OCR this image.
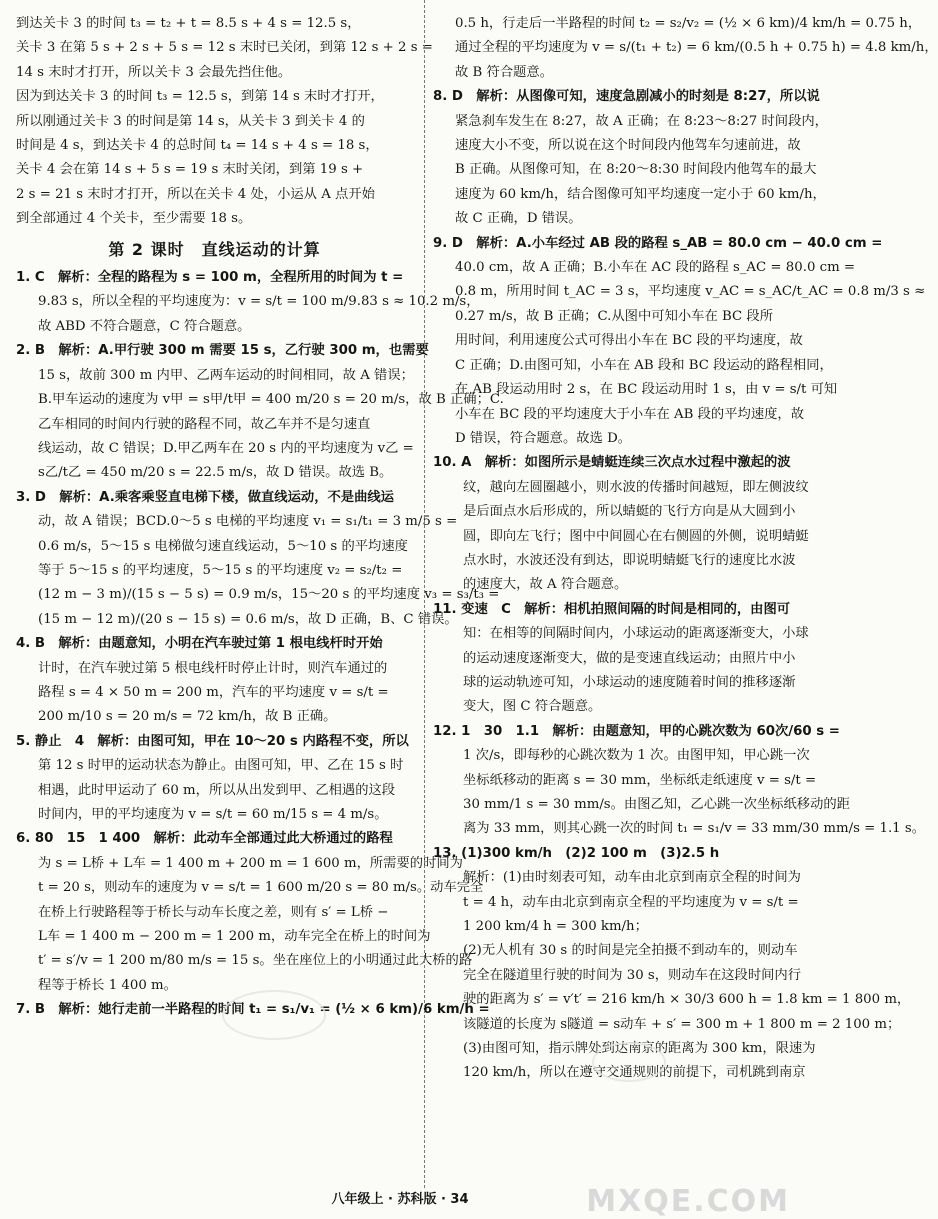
到达关卡 3 的时间 t₃ = t₂ + t = 8.5 s + 4 s = 12.5 s，
关卡 3 在第 5 s + 2 s + 5 s = 12 s 末时已关闭，到第 12 s + 2 s =
14 s 末时才打开，所以关卡 3 会最先挡住他。
因为到达关卡 3 的时间 t₃ = 12.5 s，到第 14 s 末时才打开，
所以刚通过关卡 3 的时间是第 14 s，从关卡 3 到关卡 4 的
时间是 4 s，到达关卡 4 的总时间 t₄ = 14 s + 4 s = 18 s，
关卡 4 会在第 14 s + 5 s = 19 s 末时关闭，到第 19 s +
2 s = 21 s 末时才打开，所以在关卡 4 处，小运从 A 点开始
到全部通过 4 个关卡，至少需要 18 s。
第 2 课时　直线运动的计算
1. C　解析：全程的路程为 s = 100 m，全程所用的时间为 t =
9.83 s，所以全程的平均速度为：v = s/t = 100 m/9.83 s ≈ 10.2 m/s，
故 ABD 不符合题意，C 符合题意。
2. B　解析：A.甲行驶 300 m 需要 15 s，乙行驶 300 m，也需要
15 s，故前 300 m 内甲、乙两车运动的时间相同，故 A 错误；
B.甲车运动的速度为 v甲 = s甲/t甲 = 400 m/20 s = 20 m/s，故 B 正确；C.
乙车相同的时间内行驶的路程不同，故乙车并不是匀速直
线运动，故 C 错误；D.甲乙两车在 20 s 内的平均速度为 v乙 =
s乙/t乙 = 450 m/20 s = 22.5 m/s，故 D 错误。故选 B。
3. D　解析：A.乘客乘竖直电梯下楼，做直线运动，不是曲线运
动，故 A 错误；BCD.0～5 s 电梯的平均速度 v₁ = s₁/t₁ = 3 m/5 s =
0.6 m/s，5～15 s 电梯做匀速直线运动，5～10 s 的平均速度
等于 5～15 s 的平均速度，5～15 s 的平均速度 v₂ = s₂/t₂ =
(12 m − 3 m)/(15 s − 5 s) = 0.9 m/s，15～20 s 的平均速度 v₃ = s₃/t₃ =
(15 m − 12 m)/(20 s − 15 s) = 0.6 m/s，故 D 正确，B、C 错误。
4. B　解析：由题意知，小明在汽车驶过第 1 根电线杆时开始
计时，在汽车驶过第 5 根电线杆时停止计时，则汽车通过的
路程 s = 4 × 50 m = 200 m，汽车的平均速度 v = s/t =
200 m/10 s = 20 m/s = 72 km/h，故 B 正确。
5. 静止　4　解析：由图可知，甲在 10～20 s 内路程不变，所以
第 12 s 时甲的运动状态为静止。由图可知，甲、乙在 15 s 时
相遇，此时甲运动了 60 m，所以从出发到甲、乙相遇的这段
时间内，甲的平均速度为 v = s/t = 60 m/15 s = 4 m/s。
6. 80　15　1 400　解析：此动车全部通过此大桥通过的路程
为 s = L桥 + L车 = 1 400 m + 200 m = 1 600 m，所需要的时间为
t = 20 s，则动车的速度为 v = s/t = 1 600 m/20 s = 80 m/s。动车完全
在桥上行驶路程等于桥长与动车长度之差，则有 s′ = L桥 −
L车 = 1 400 m − 200 m = 1 200 m，动车完全在桥上的时间为
t′ = s′/v = 1 200 m/80 m/s = 15 s。坐在座位上的小明通过此大桥的路
程等于桥长 1 400 m。
7. B　解析：她行走前一半路程的时间 t₁ = s₁/v₁ = (½ × 6 km)/6 km/h =
0.5 h，行走后一半路程的时间 t₂ = s₂/v₂ = (½ × 6 km)/4 km/h = 0.75 h，
通过全程的平均速度为 v = s/(t₁ + t₂) = 6 km/(0.5 h + 0.75 h) = 4.8 km/h，
故 B 符合题意。
8. D　解析：从图像可知，速度急剧减小的时刻是 8:27，所以说
紧急刹车发生在 8:27，故 A 正确；在 8:23～8:27 时间段内，
速度大小不变，所以说在这个时间段内他驾车匀速前进，故
B 正确。从图像可知，在 8:20～8:30 时间段内他驾车的最大
速度为 60 km/h，结合图像可知平均速度一定小于 60 km/h，
故 C 正确，D 错误。
9. D　解析：A.小车经过 AB 段的路程 s_AB = 80.0 cm − 40.0 cm =
40.0 cm，故 A 正确；B.小车在 AC 段的路程 s_AC = 80.0 cm =
0.8 m，所用时间 t_AC = 3 s，平均速度 v_AC = s_AC/t_AC = 0.8 m/3 s ≈
0.27 m/s，故 B 正确；C.从图中可知小车在 BC 段所
用时间，利用速度公式可得出小车在 BC 段的平均速度，故
C 正确；D.由图可知，小车在 AB 段和 BC 段运动的路程相同，
在 AB 段运动用时 2 s，在 BC 段运动用时 1 s，由 v = s/t 可知
小车在 BC 段的平均速度大于小车在 AB 段的平均速度，故
D 错误，符合题意。故选 D。
10. A　解析：如图所示是蜻蜓连续三次点水过程中激起的波
纹，越向左圆圈越小，则水波的传播时间越短，即左侧波纹
是后面点水后形成的，所以蜻蜓的飞行方向是从大圆到小
圆，即向左飞行；图中中间圆心在右侧圆的外侧，说明蜻蜓
点水时，水波还没有到达，即说明蜻蜓飞行的速度比水波
的速度大，故 A 符合题意。
11. 变速　C　解析：相机拍照间隔的时间是相同的，由图可
知：在相等的间隔时间内，小球运动的距离逐渐变大，小球
的运动速度逐渐变大，做的是变速直线运动；由照片中小
球的运动轨迹可知，小球运动的速度随着时间的推移逐渐
变大，图 C 符合题意。
12. 1　30　1.1　解析：由题意知，甲的心跳次数为 60次/60 s =
1 次/s，即每秒的心跳次数为 1 次。由图甲知，甲心跳一次
坐标纸移动的距离 s = 30 mm，坐标纸走纸速度 v = s/t =
30 mm/1 s = 30 mm/s。由图乙知，乙心跳一次坐标纸移动的距
离为 33 mm，则其心跳一次的时间 t₁ = s₁/v = 33 mm/30 mm/s = 1.1 s。
13. (1)300 km/h　(2)2 100 m　(3)2.5 h
解析：(1)由时刻表可知，动车由北京到南京全程的时间为
t = 4 h，动车由北京到南京全程的平均速度为 v = s/t =
1 200 km/4 h = 300 km/h；
(2)无人机有 30 s 的时间是完全拍摄不到动车的，则动车
完全在隧道里行驶的时间为 30 s，则动车在这段时间内行
驶的距离为 s′ = v′t′ = 216 km/h × 30/3 600 h = 1.8 km = 1 800 m，
该隧道的长度为 s隧道 = s动车 + s′ = 300 m + 1 800 m = 2 100 m；
(3)由图可知，指示牌处到达南京的距离为 300 km，限速为
120 km/h，所以在遵守交通规则的前提下，司机跳到南京
八年级上 · 苏科版 · 34	MXQE.COM
